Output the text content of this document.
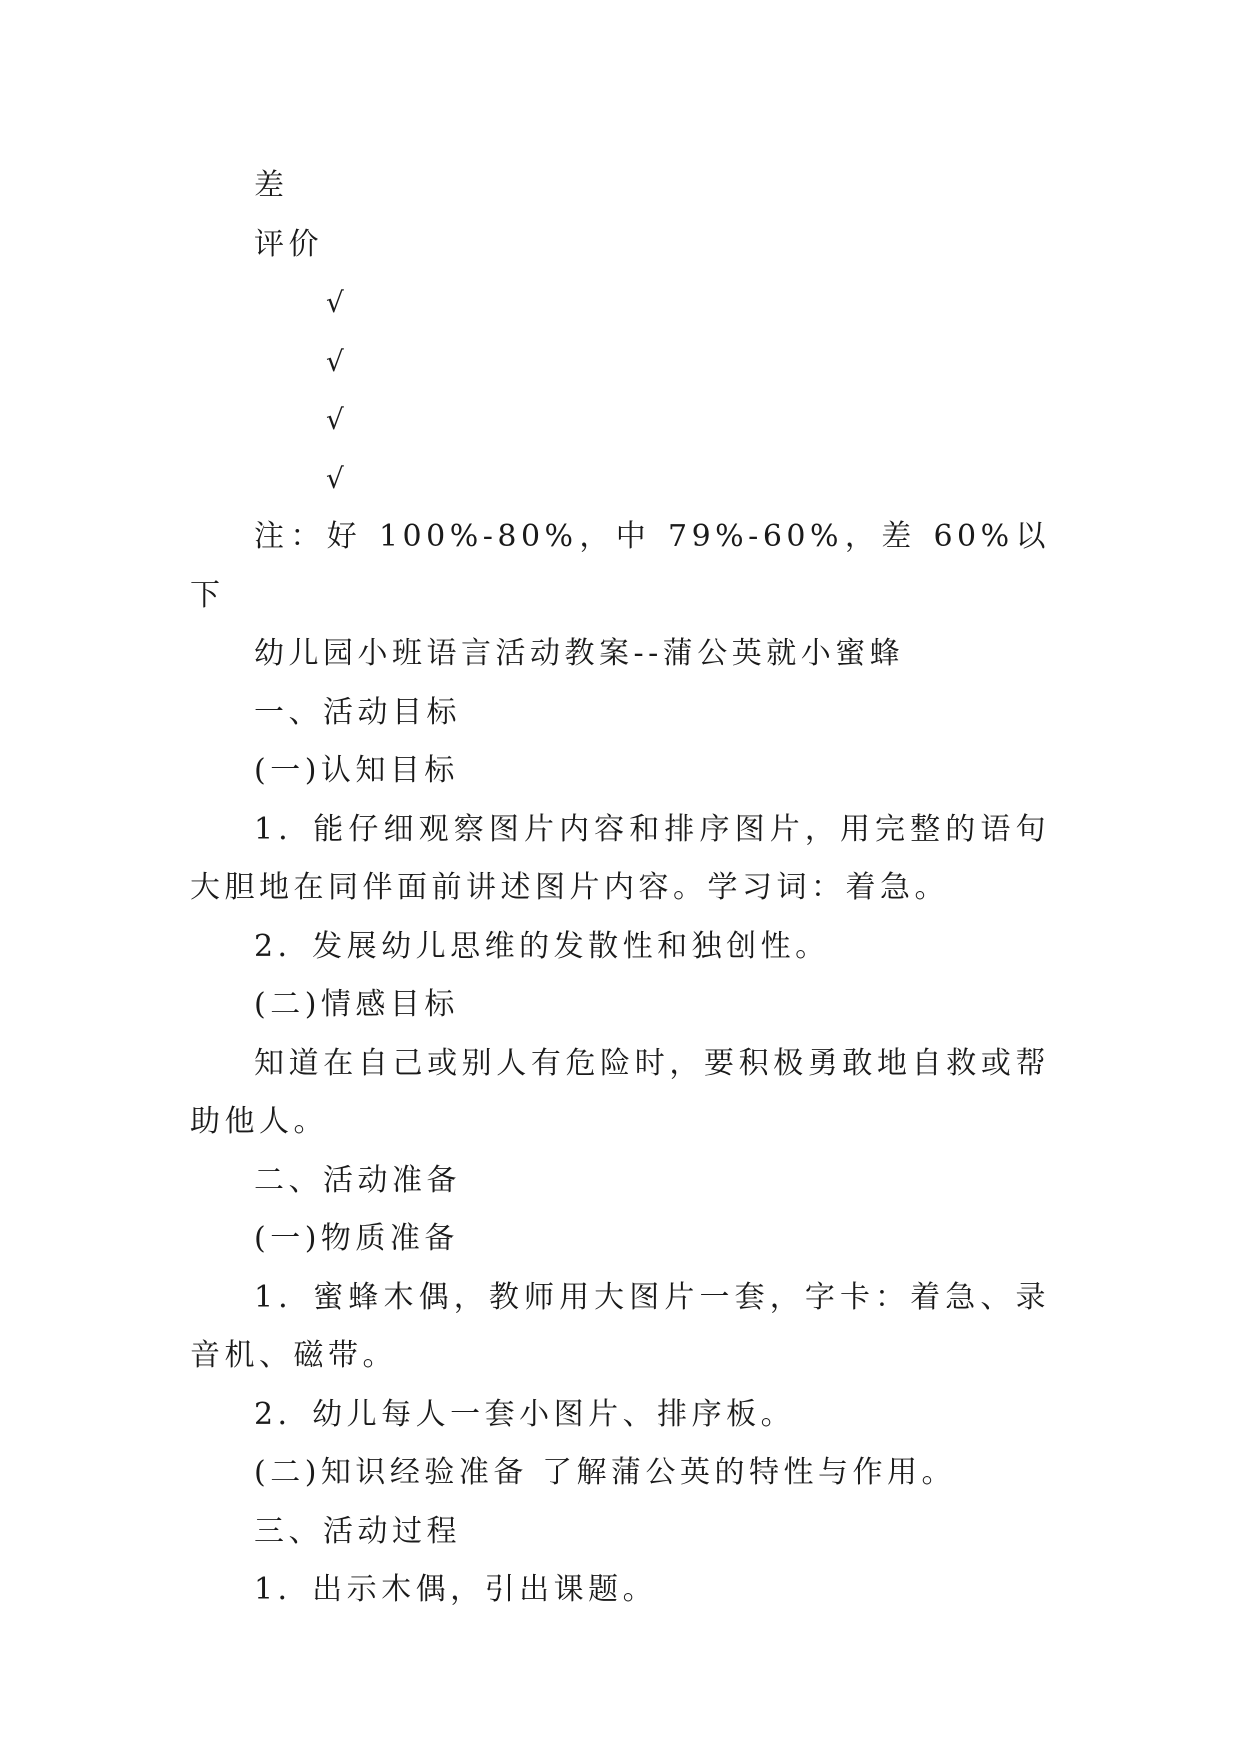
差

评价

√

√

√

√

注：好 100%-80%，中 79%-60%，差 60%以下

幼儿园小班语言活动教案--蒲公英就小蜜蜂

一、活动目标

(一)认知目标

1．能仔细观察图片内容和排序图片，用完整的语句大胆地在同伴面前讲述图片内容。学习词：着急。

2．发展幼儿思维的发散性和独创性。

(二)情感目标

知道在自己或别人有危险时，要积极勇敢地自救或帮助他人。

二、活动准备

(一)物质准备

1．蜜蜂木偶，教师用大图片一套，字卡：着急、录音机、磁带。

2．幼儿每人一套小图片、排序板。

(二)知识经验准备 了解蒲公英的特性与作用。

三、活动过程

1．出示木偶，引出课题。
